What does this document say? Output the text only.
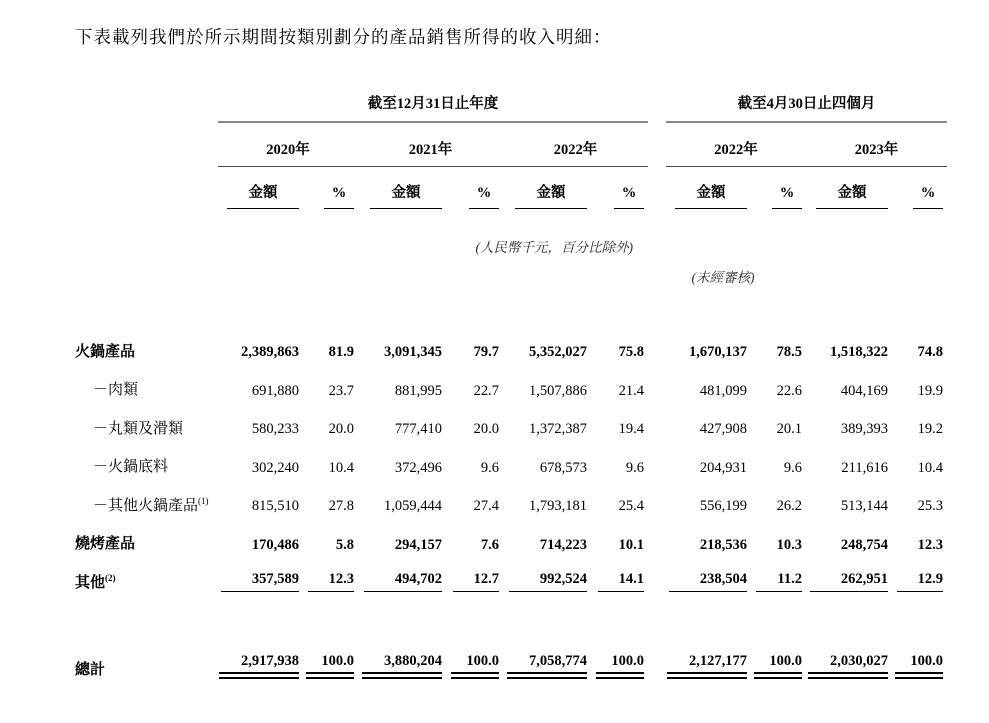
下表載列我們於所示期間按類別劃分的產品銷售所得的收入明細：

	截至12月31日止年度							截至4月30日止四個月			
	2020年		2021年		2022年			2022年		2023年	
	金額	%	金額	%	金額	%		金額	%	金額	%

火鍋產品	2,389,863	81.9	3,091,345	79.7	5,352,027	75.8		1,670,137	78.5	1,518,322	74.8

－肉類	691,880	23.7	881,995	22.7	1,507,886	21.4		481,099	22.6	404,169	19.9

－丸類及滑類	580,233	20.0	777,410	20.0	1,372,387	19.4		427,908	20.1	389,393	19.2

－火鍋底料	302,240	10.4	372,496	9.6	678,573	9.6		204,931	9.6	211,616	10.4

－其他火鍋產品$^{(1)}$	815,510	27.8	1,059,444	27.4	1,793,181	25.4		556,199	26.2	513,144	25.3

燒烤產品	170,486	5.8	294,157	7.6	714,223	10.1		218,536	10.3	248,754	12.3

其他$^{(2)}$	357,589	12.3	494,702	12.7	992,524	14.1		238,504	11.2	262,951	12.9

總計	2,917,938	100.0	3,880,204	100.0	7,058,774	100.0		2,127,177	100.0	2,030,027	100.0
(人民幣千元，百分比除外)
(未經審核)
